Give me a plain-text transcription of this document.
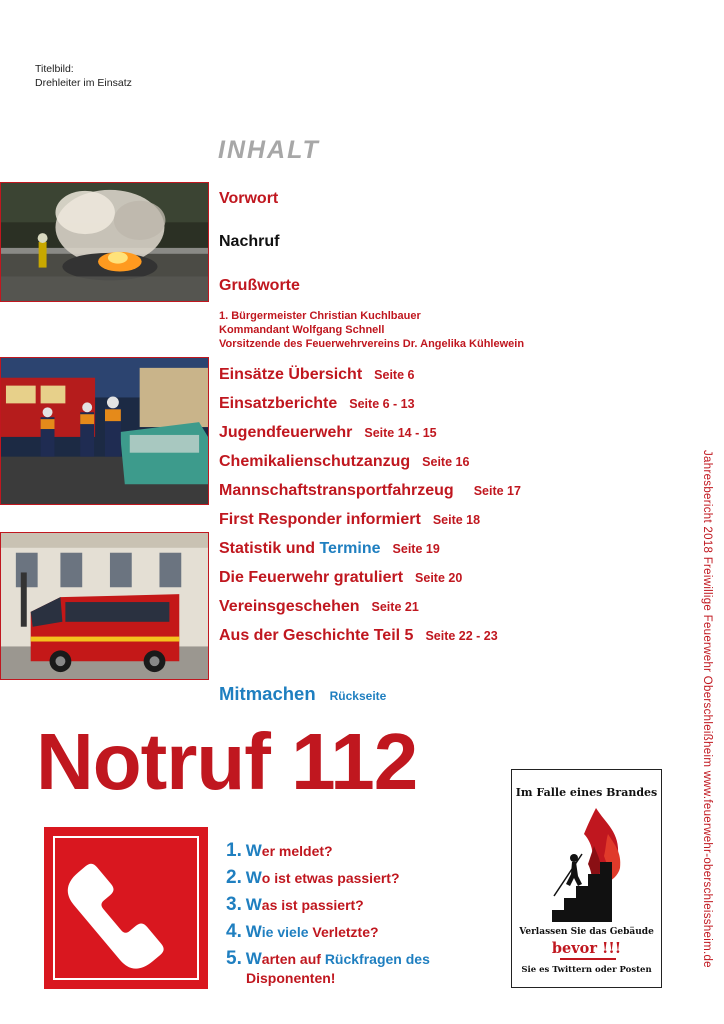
Titelbild:
Drehleiter im Einsatz
INHALT
Vorwort
Nachruf
Grußworte
1. Bürgermeister Christian Kuchlbauer
Kommandant Wolfgang Schnell
Vorsitzende des Feuerwehrvereins Dr. Angelika Kühlewein
Einsätze Übersicht Seite 6
Einsatzberichte Seite 6 - 13
Jugendfeuerwehr Seite 14 - 15
Chemikalienschutzanzug Seite 16
Mannschaftstransportfahrzeug Seite 17
First Responder informiert Seite 18
Statistik und Termine Seite 19
Die Feuerwehr gratuliert Seite 20
Vereinsgeschehen Seite 21
Aus der Geschichte Teil 5 Seite 22 - 23
Mitmachen Rückseite	Jahresbericht 2018 Freiwillige Feuerwehr Oberschleißheim www.feuerwehr-oberschleissheim.de
Notruf 112
1. Wer meldet?
2. Wo ist etwas passiert?
3. Was ist passiert?
4. Wie viele Verletzte?
5. Warten auf Rückfragen des
Disponenten!
Im Falle eines Brandes
Verlassen Sie das Gebäude
bevor !!!
Sie es Twittern oder Posten
